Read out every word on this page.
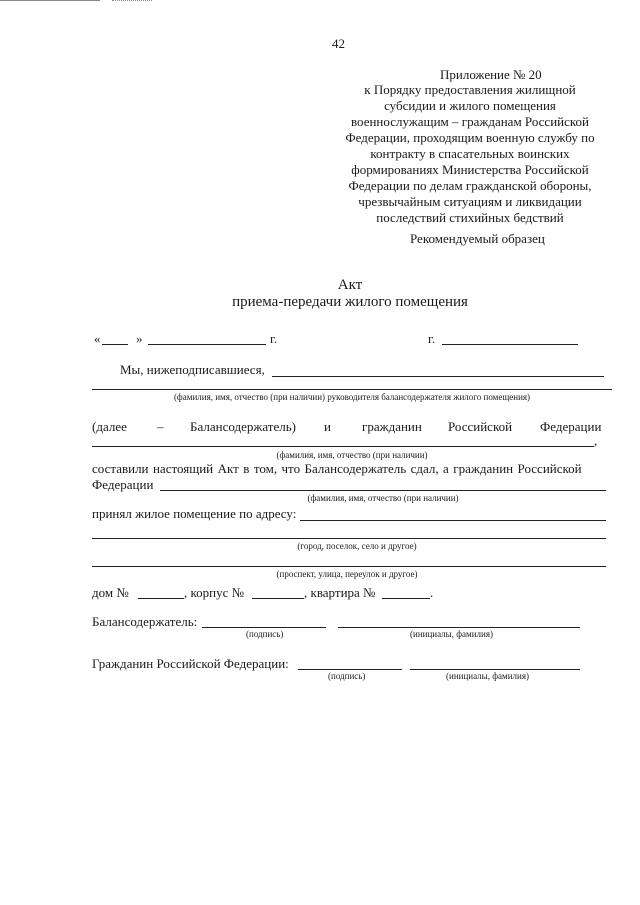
42
Приложение № 20
к Порядку предоставления жилищной
субсидии и жилого помещения
военнослужащим – гражданам Российской
Федерации, проходящим военную службу по
контракту в спасательных воинских
формированиях Министерства Российской
Федерации по делам гражданской обороны,
чрезвычайным ситуациям и ликвидации
последствий стихийных бедствий
Рекомендуемый образец
Акт
приема-передачи жилого помещения
«	»	г.	г.
Мы, нижеподписавшиеся,
(фамилия, имя, отчество (при наличии) руководителя балансодержателя жилого помещения)
(далее – Балансодержатель) и гражданин Российской Федерации
,
(фамилия, имя, отчество (при наличии)
составили настоящий Акт в том, что Балансодержатель сдал, а гражданин Российской
Федерации
(фамилия, имя, отчество (при наличии)
принял жилое помещение по адресу:
(город, поселок, село и другое)
(проспект, улица, переулок и другое)
дом №	, корпус №	, квартира №	.
Балансодержатель:
(подпись)	(инициалы, фамилия)
Гражданин Российской Федерации:
(подпись)	(инициалы, фамилия)
